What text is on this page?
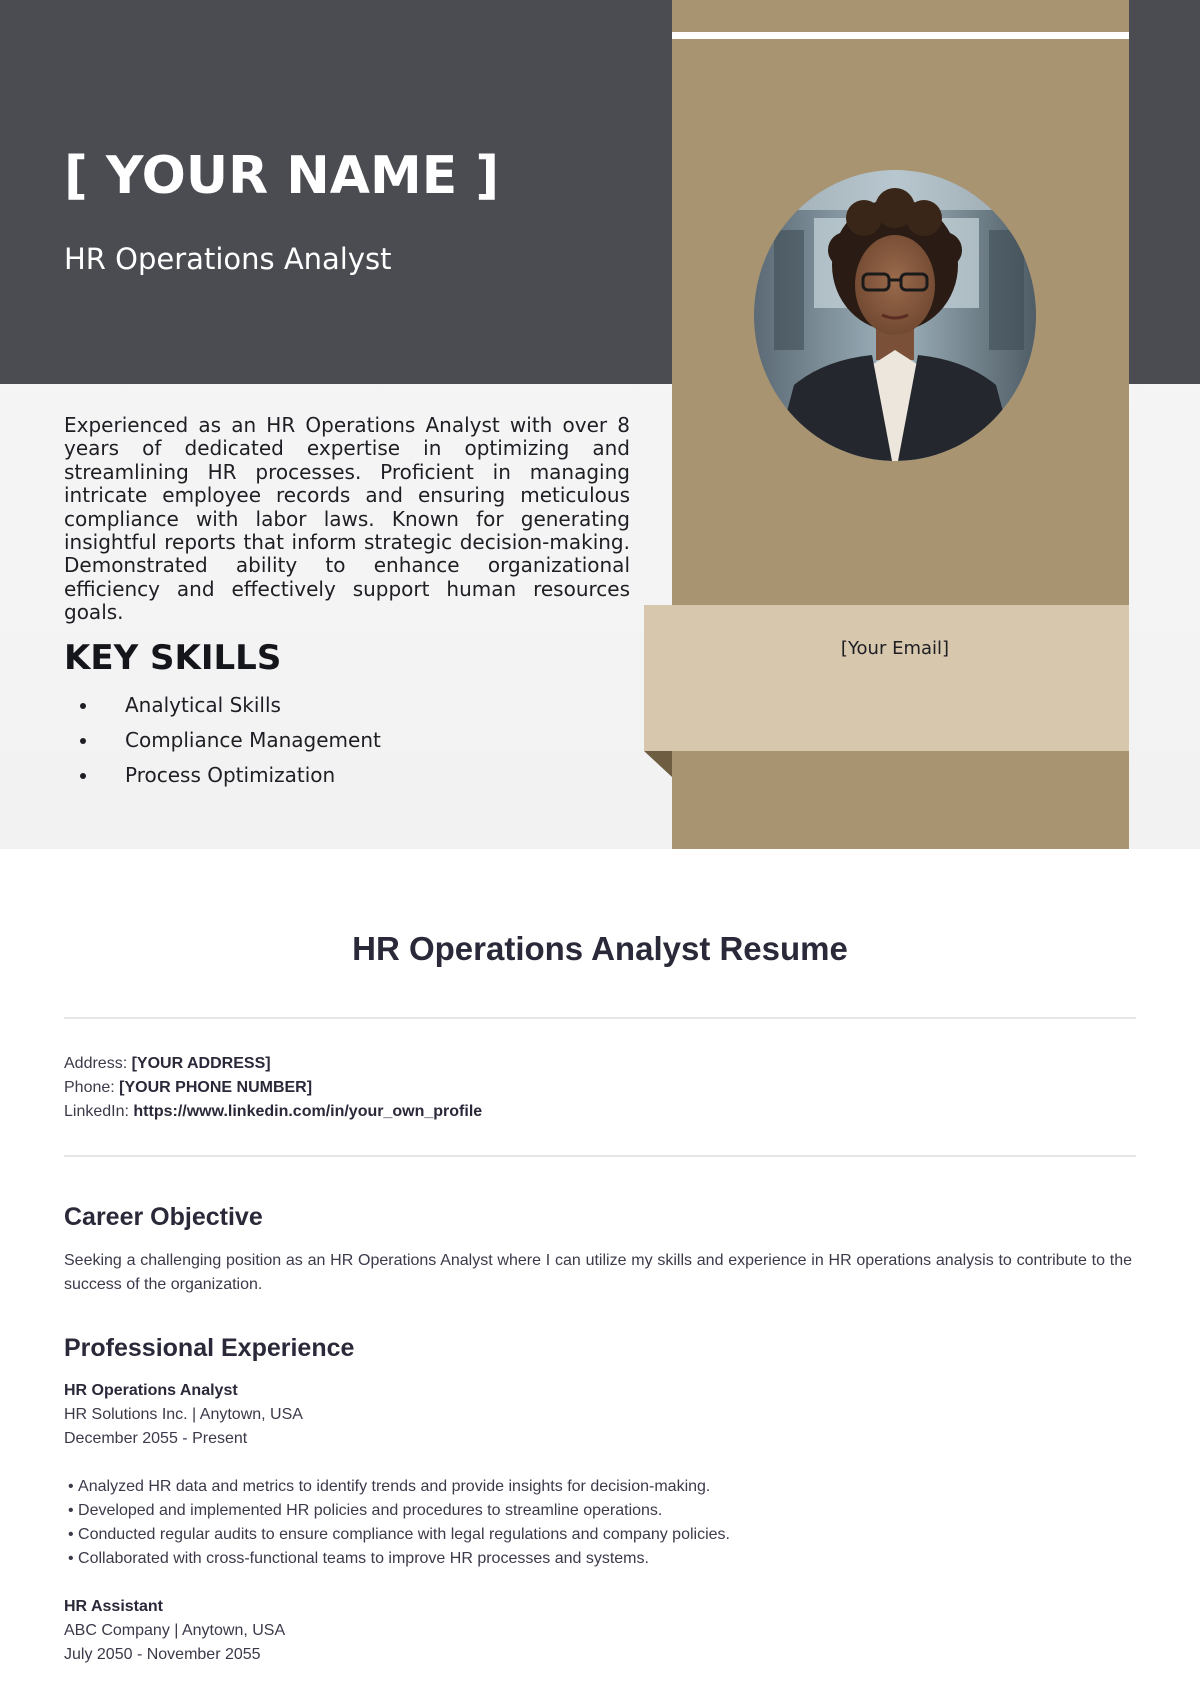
[ YOUR NAME ]
HR Operations Analyst

Experienced as an HR Operations Analyst with over 8 years of dedicated expertise in optimizing and streamlining HR processes. Proficient in managing intricate employee records and ensuring meticulous compliance with labor laws. Known for generating insightful reports that inform strategic decision-making. Demonstrated ability to enhance organizational efficiency and effectively support human resources goals.

KEY SKILLS
Analytical Skills
Compliance Management
Process Optimization
[Your Email]
HR Operations Analyst Resume
Address: [YOUR ADDRESS]
Phone: [YOUR PHONE NUMBER]
LinkedIn: https://www.linkedin.com/in/your_own_profile
Career Objective

Seeking a challenging position as an HR Operations Analyst where I can utilize my skills and experience in HR operations analysis to contribute to the success of the organization.

Professional Experience
HR Operations Analyst
HR Solutions Inc. | Anytown, USA
December 2055 - Present
• Analyzed HR data and metrics to identify trends and provide insights for decision-making.
• Developed and implemented HR policies and procedures to streamline operations.
• Conducted regular audits to ensure compliance with legal regulations and company policies.
• Collaborated with cross-functional teams to improve HR processes and systems.
HR Assistant
ABC Company | Anytown, USA
July 2050 - November 2055
